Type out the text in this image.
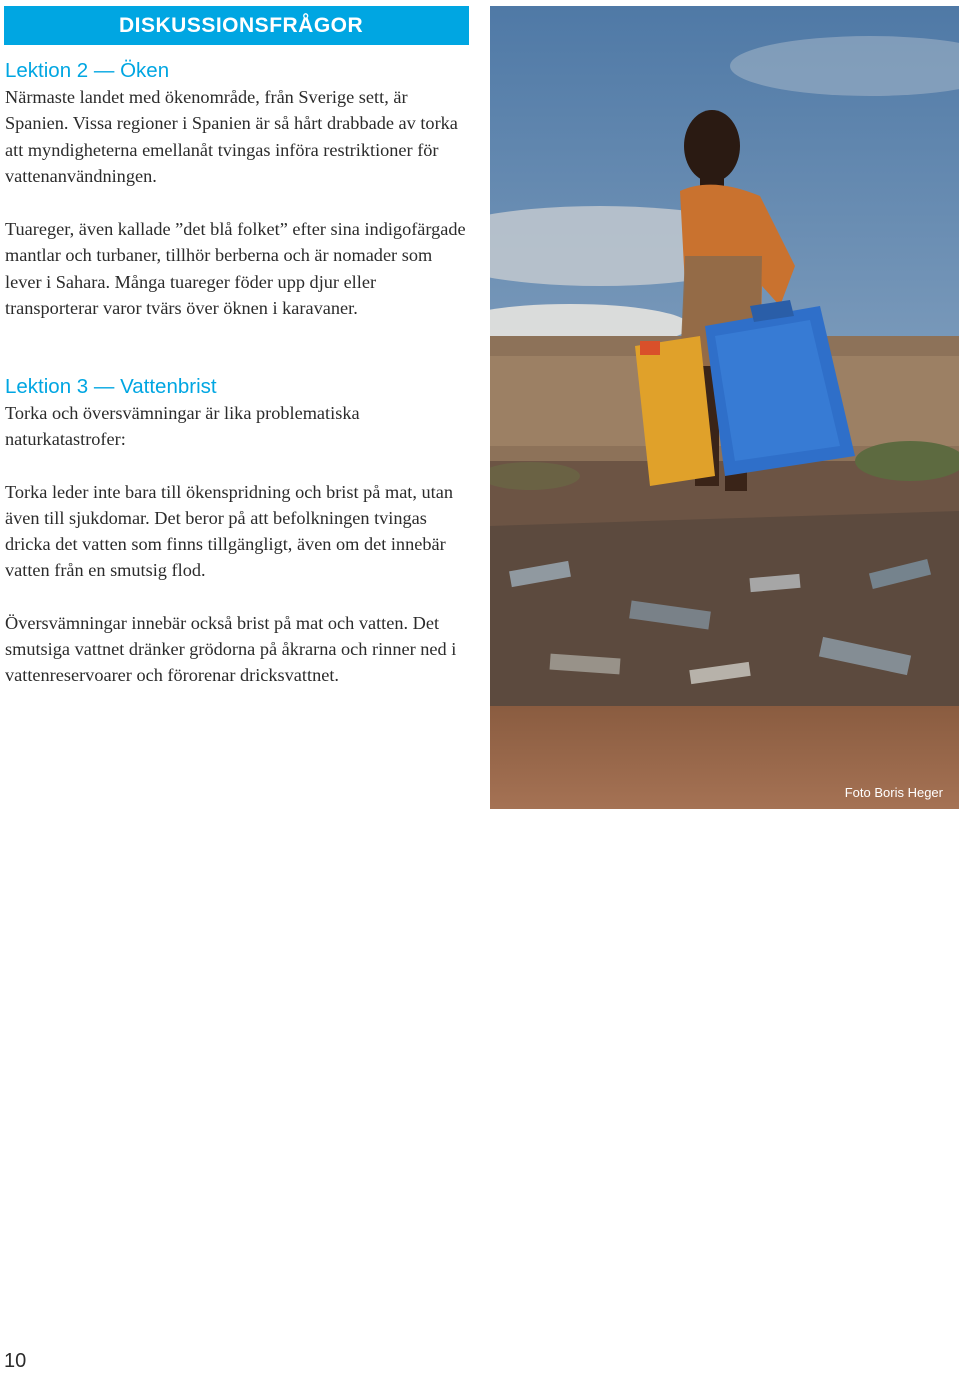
DISKUSSIONSFRÅGOR
Lektion 2 — Öken

Närmaste landet med ökenområde, från Sverige sett, är Spanien. Vissa regioner i Spanien är så hårt drabbade av torka att myndigheterna emellanåt tvingas införa restriktioner för vattenanvändningen.

Tuareger, även kallade ”det blå folket” efter sina indigofärgade mantlar och turbaner, tillhör berberna och är nomader som lever i Sahara. Många tuareger föder upp djur eller transporterar varor tvärs över öknen i karavaner.

Lektion 3 — Vattenbrist

Torka och översvämningar är lika problematiska naturkatastrofer:

Torka leder inte bara till ökenspridning och brist på mat, utan även till sjukdomar. Det beror på att befolkningen tvingas dricka det vatten som finns tillgängligt, även om det innebär vatten från en smutsig flod.

Översvämningar innebär också brist på mat och vatten. Det smutsiga vattnet dränker grödorna på åkrarna och rinner ned i vattenreservoarer och förorenar dricksvattnet.

Foto Boris Heger
10
